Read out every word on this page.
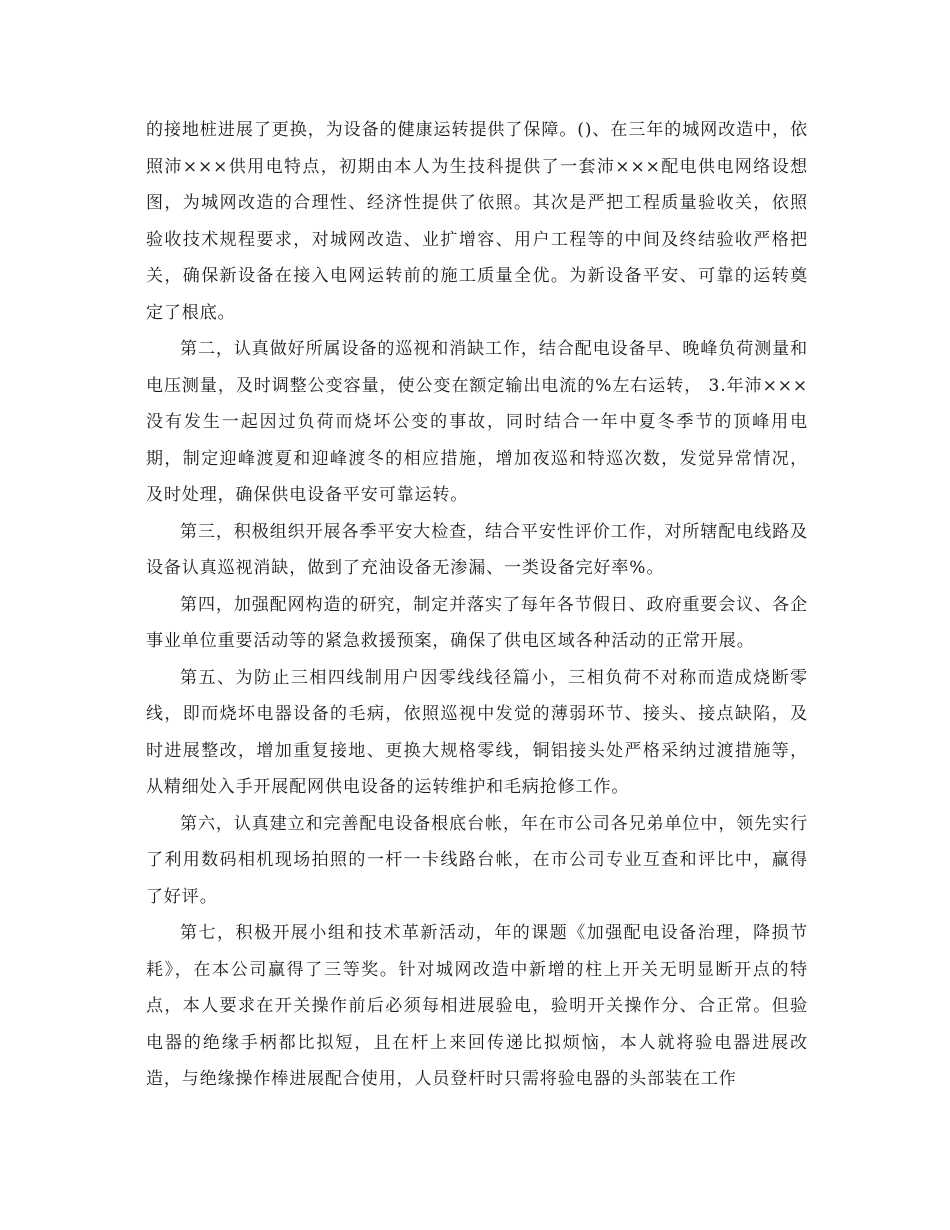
的接地桩进展了更换，为设备的健康运转提供了保障。()、在三年的城网改造中，依照沛×××供用电特点，初期由本人为生技科提供了一套沛×××配电供电网络设想图，为城网改造的合理性、经济性提供了依照。其次是严把工程质量验收关，依照验收技术规程要求，对城网改造、业扩增容、用户工程等的中间及终结验收严格把关，确保新设备在接入电网运转前的施工质量全优。为新设备平安、可靠的运转奠定了根底。

第二，认真做好所属设备的巡视和消缺工作，结合配电设备早、晚峰负荷测量和电压测量，及时调整公变容量，使公变在额定输出电流的%左右运转， 3.年沛×××没有发生一起因过负荷而烧坏公变的事故，同时结合一年中夏冬季节的顶峰用电期，制定迎峰渡夏和迎峰渡冬的相应措施，增加夜巡和特巡次数，发觉异常情况，及时处理，确保供电设备平安可靠运转。

第三，积极组织开展各季平安大检查，结合平安性评价工作，对所辖配电线路及设备认真巡视消缺，做到了充油设备无渗漏、一类设备完好率%。

第四，加强配网构造的研究，制定并落实了每年各节假日、政府重要会议、各企事业单位重要活动等的紧急救援预案，确保了供电区域各种活动的正常开展。

第五、为防止三相四线制用户因零线线径篇小，三相负荷不对称而造成烧断零线，即而烧坏电器设备的毛病，依照巡视中发觉的薄弱环节、接头、接点缺陷，及时进展整改，增加重复接地、更换大规格零线，铜铝接头处严格采纳过渡措施等，从精细处入手开展配网供电设备的运转维护和毛病抢修工作。

第六，认真建立和完善配电设备根底台帐，年在市公司各兄弟单位中，领先实行了利用数码相机现场拍照的一杆一卡线路台帐，在市公司专业互查和评比中，赢得了好评。

第七，积极开展小组和技术革新活动，年的课题《加强配电设备治理，降损节耗》，在本公司赢得了三等奖。针对城网改造中新增的柱上开关无明显断开点的特点，本人要求在开关操作前后必须每相进展验电，验明开关操作分、合正常。但验电器的绝缘手柄都比拟短，且在杆上来回传递比拟烦恼，本人就将验电器进展改造，与绝缘操作棒进展配合使用，人员登杆时只需将验电器的头部装在工作
